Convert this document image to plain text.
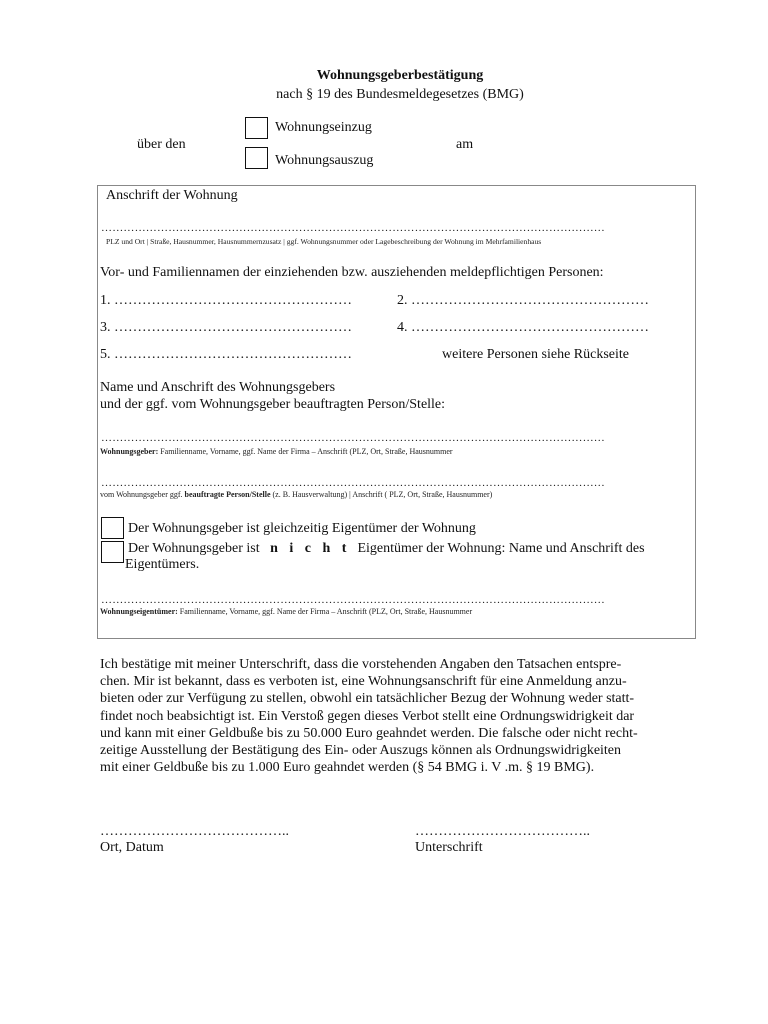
Wohnungsgeberbestätigung
nach § 19 des Bundesmeldegesetzes (BMG)
über den
Wohnungseinzug
Wohnungsauszug
am
Anschrift der Wohnung
………………………………………………………………………………………………………………………
PLZ und Ort | Straße, Hausnummer, Hausnummernzusatz | ggf. Wohnungsnummer oder Lagebeschreibung der Wohnung im Mehrfamilienhaus
Vor- und Familiennamen der einziehenden bzw. ausziehenden meldepflichtigen Personen:
1. ……………………………………………	2. ……………………………………………
3. ……………………………………………	4. ……………………………………………
5. ……………………………………………	weitere Personen siehe Rückseite
Name und Anschrift des Wohnungsgebers
und der ggf. vom Wohnungsgeber beauftragten Person/Stelle:
………………………………………………………………………………………………………………………
Wohnungsgeber: Familienname, Vorname, ggf. Name der Firma – Anschrift (PLZ, Ort, Straße, Hausnummer
………………………………………………………………………………………………………………………
vom Wohnungsgeber ggf. beauftragte Person/Stelle (z. B. Hausverwaltung) | Anschrift ( PLZ, Ort, Straße, Hausnummer)
Der Wohnungsgeber ist gleichzeitig Eigentümer der Wohnung
Der Wohnungsgeber ist n i c h t Eigentümer der Wohnung: Name und Anschrift des
Eigentümers.
………………………………………………………………………………………………………………………
Wohnungseigentümer: Familienname, Vorname, ggf. Name der Firma – Anschrift (PLZ, Ort, Straße, Hausnummer
Ich bestätige mit meiner Unterschrift, dass die vorstehenden Angaben den Tatsachen entspre-
chen. Mir ist bekannt, dass es verboten ist, eine Wohnungsanschrift für eine Anmeldung anzu-
bieten oder zur Verfügung zu stellen, obwohl ein tatsächlicher Bezug der Wohnung weder statt-
findet noch beabsichtigt ist. Ein Verstoß gegen dieses Verbot stellt eine Ordnungswidrigkeit dar
und kann mit einer Geldbuße bis zu 50.000 Euro geahndet werden. Die falsche oder nicht recht-
zeitige Ausstellung der Bestätigung des Ein- oder Auszugs können als Ordnungswidrigkeiten
mit einer Geldbuße bis zu 1.000 Euro geahndet werden (§ 54 BMG i. V .m. § 19 BMG).
…………………………………..
Ort, Datum
………………………………..
Unterschrift
